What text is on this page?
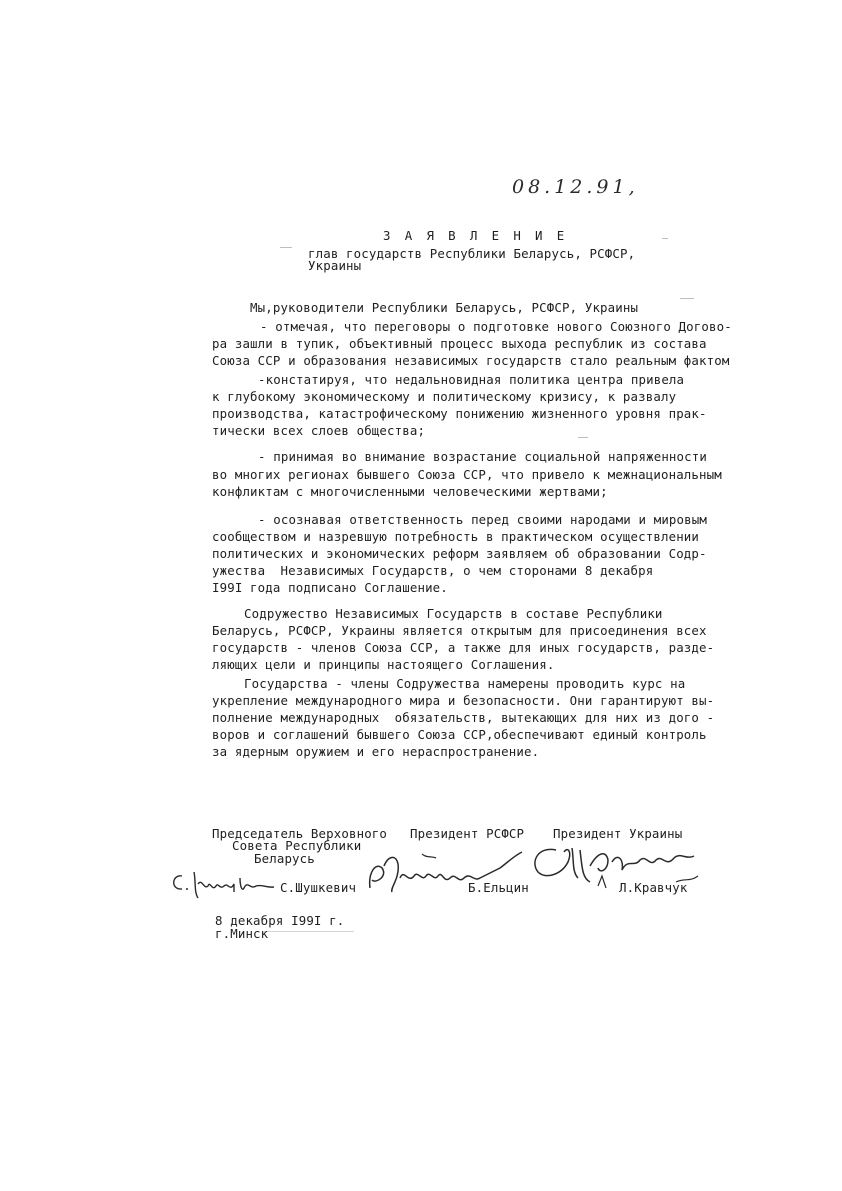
08.12.91,
З А Я В Л Е Н И Е
глав государств Республики Беларусь, РСФСР,
Украины
Мы,руководители Республики Беларусь, РСФСР, Украины
- отмечая, что переговоры о подготовке нового Союзного Догово-
ра зашли в тупик, объективный процесс выхода республик из состава
Союза ССР и образования независимых государств стало реальным фактом
-констатируя, что недальновидная политика центра привела
к глубокому экономическому и политическому кризису, к развалу
производства, катастрофическому понижению жизненного уровня прак-
тически всех слоев общества;
- принимая во внимание возрастание социальной напряженности
во многих регионах бывшего Союза ССР, что привело к межнациональным
конфликтам с многочисленными человеческими жертвами;
- осознавая ответственность перед своими народами и мировым
сообществом и назревшую потребность в практическом осуществлении
политических и экономических реформ заявляем об образовании Содр-
ужества  Независимых Государств, о чем сторонами 8 декабря
I99I года подписано Соглашение.
Содружество Независимых Государств в составе Республики
Беларусь, РСФСР, Украины является открытым для присоединения всех
государств - членов Союза ССР, а также для иных государств, разде-
ляющих цели и принципы настоящего Соглашения.
Государства - члены Содружества намерены проводить курс на
укрепление международного мира и безопасности. Они гарантируют вы-
полнение международных  обязательств, вытекающих для них из дого -
воров и соглашений бывшего Союза ССР,обеспечивают единый контроль
за ядерным оружием и его нераспространение.
Председатель Верховного
Совета Республики
Беларусь
Президент РСФСР Президент Украины
С.Шушкевич	Б.Ельцин	Л.Кравчук
8 декабря I99I г.
г.Минск
